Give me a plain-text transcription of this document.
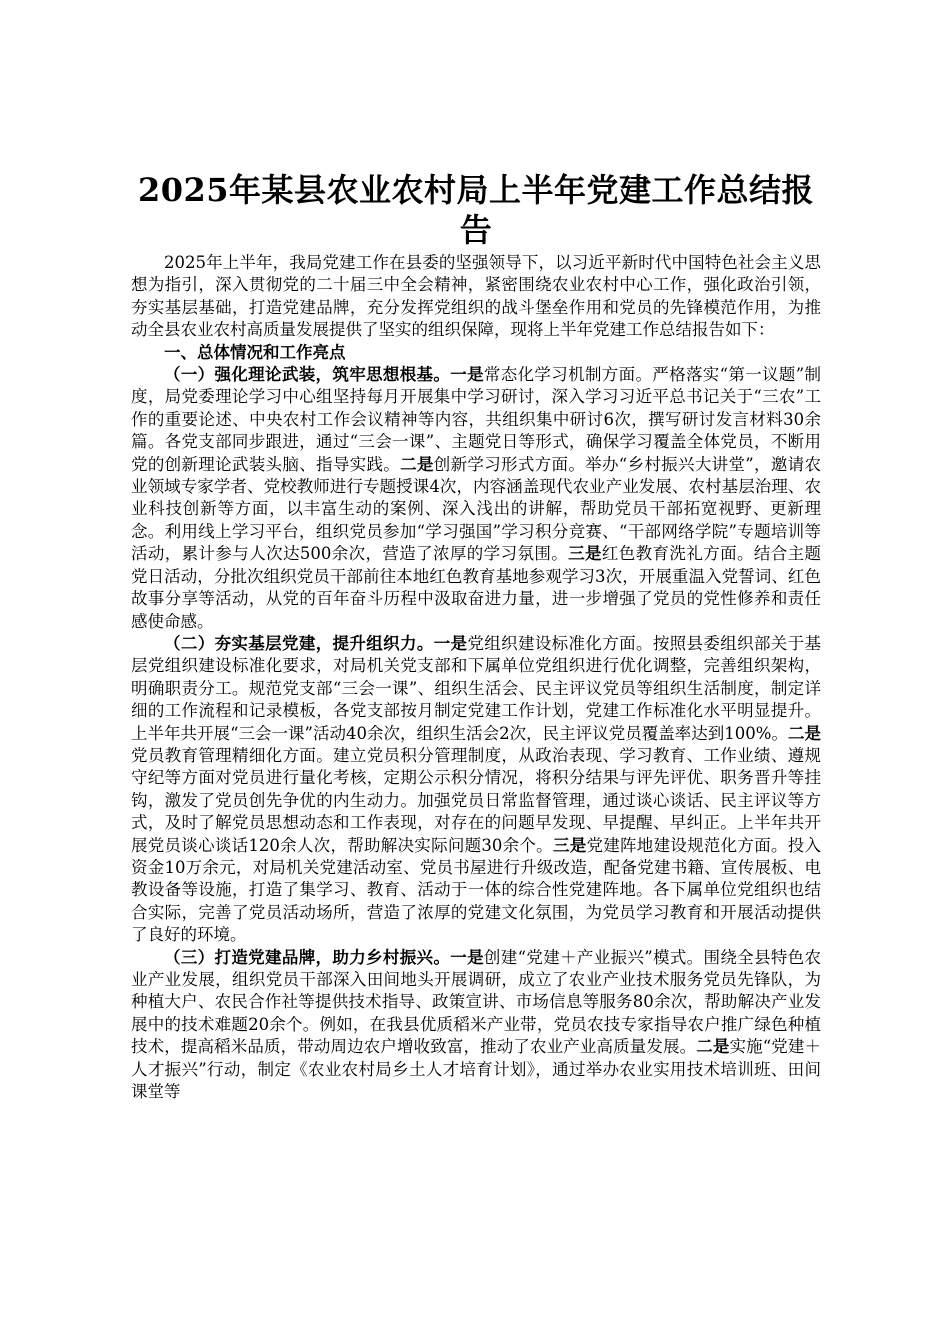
2025年某县农业农村局上半年党建工作总结报告

2025年上半年，我局党建工作在县委的坚强领导下，以习近平新时代中国特色社会主义思想为指引，深入贯彻党的二十届三中全会精神，紧密围绕农业农村中心工作，强化政治引领，夯实基层基础，打造党建品牌，充分发挥党组织的战斗堡垒作用和党员的先锋模范作用，为推动全县农业农村高质量发展提供了坚实的组织保障，现将上半年党建工作总结报告如下：

一、总体情况和工作亮点

（一）强化理论武装，筑牢思想根基。一是常态化学习机制方面。严格落实“第一议题”制度，局党委理论学习中心组坚持每月开展集中学习研讨，深入学习习近平总书记关于“三农”工作的重要论述、中央农村工作会议精神等内容，共组织集中研讨6次，撰写研讨发言材料30余篇。各党支部同步跟进，通过“三会一课”、主题党日等形式，确保学习覆盖全体党员，不断用党的创新理论武装头脑、指导实践。二是创新学习形式方面。举办“乡村振兴大讲堂”，邀请农业领域专家学者、党校教师进行专题授课4次，内容涵盖现代农业产业发展、农村基层治理、农业科技创新等方面，以丰富生动的案例、深入浅出的讲解，帮助党员干部拓宽视野、更新理念。利用线上学习平台，组织党员参加“学习强国”学习积分竞赛、“干部网络学院”专题培训等活动，累计参与人次达500余次，营造了浓厚的学习氛围。三是红色教育洗礼方面。结合主题党日活动，分批次组织党员干部前往本地红色教育基地参观学习3次，开展重温入党誓词、红色故事分享等活动，从党的百年奋斗历程中汲取奋进力量，进一步增强了党员的党性修养和责任感使命感。

（二）夯实基层党建，提升组织力。一是党组织建设标准化方面。按照县委组织部关于基层党组织建设标准化要求，对局机关党支部和下属单位党组织进行优化调整，完善组织架构，明确职责分工。规范党支部“三会一课”、组织生活会、民主评议党员等组织生活制度，制定详细的工作流程和记录模板，各党支部按月制定党建工作计划，党建工作标准化水平明显提升。上半年共开展“三会一课”活动40余次，组织生活会2次，民主评议党员覆盖率达到100%。二是党员教育管理精细化方面。建立党员积分管理制度，从政治表现、学习教育、工作业绩、遵规守纪等方面对党员进行量化考核，定期公示积分情况，将积分结果与评先评优、职务晋升等挂钩，激发了党员创先争优的内生动力。加强党员日常监督管理，通过谈心谈话、民主评议等方式，及时了解党员思想动态和工作表现，对存在的问题早发现、早提醒、早纠正。上半年共开展党员谈心谈话120余人次，帮助解决实际问题30余个。三是党建阵地建设规范化方面。投入资金10万余元，对局机关党建活动室、党员书屋进行升级改造，配备党建书籍、宣传展板、电教设备等设施，打造了集学习、教育、活动于一体的综合性党建阵地。各下属单位党组织也结合实际，完善了党员活动场所，营造了浓厚的党建文化氛围，为党员学习教育和开展活动提供了良好的环境。

（三）打造党建品牌，助力乡村振兴。一是创建“党建＋产业振兴”模式。围绕全县特色农业产业发展，组织党员干部深入田间地头开展调研，成立了农业产业技术服务党员先锋队，为种植大户、农民合作社等提供技术指导、政策宣讲、市场信息等服务80余次，帮助解决产业发展中的技术难题20余个。例如，在我县优质稻米产业带，党员农技专家指导农户推广绿色种植技术，提高稻米品质，带动周边农户增收致富，推动了农业产业高质量发展。二是实施“党建＋人才振兴”行动，制定《农业农村局乡土人才培育计划》，通过举办农业实用技术培训班、田间课堂等
